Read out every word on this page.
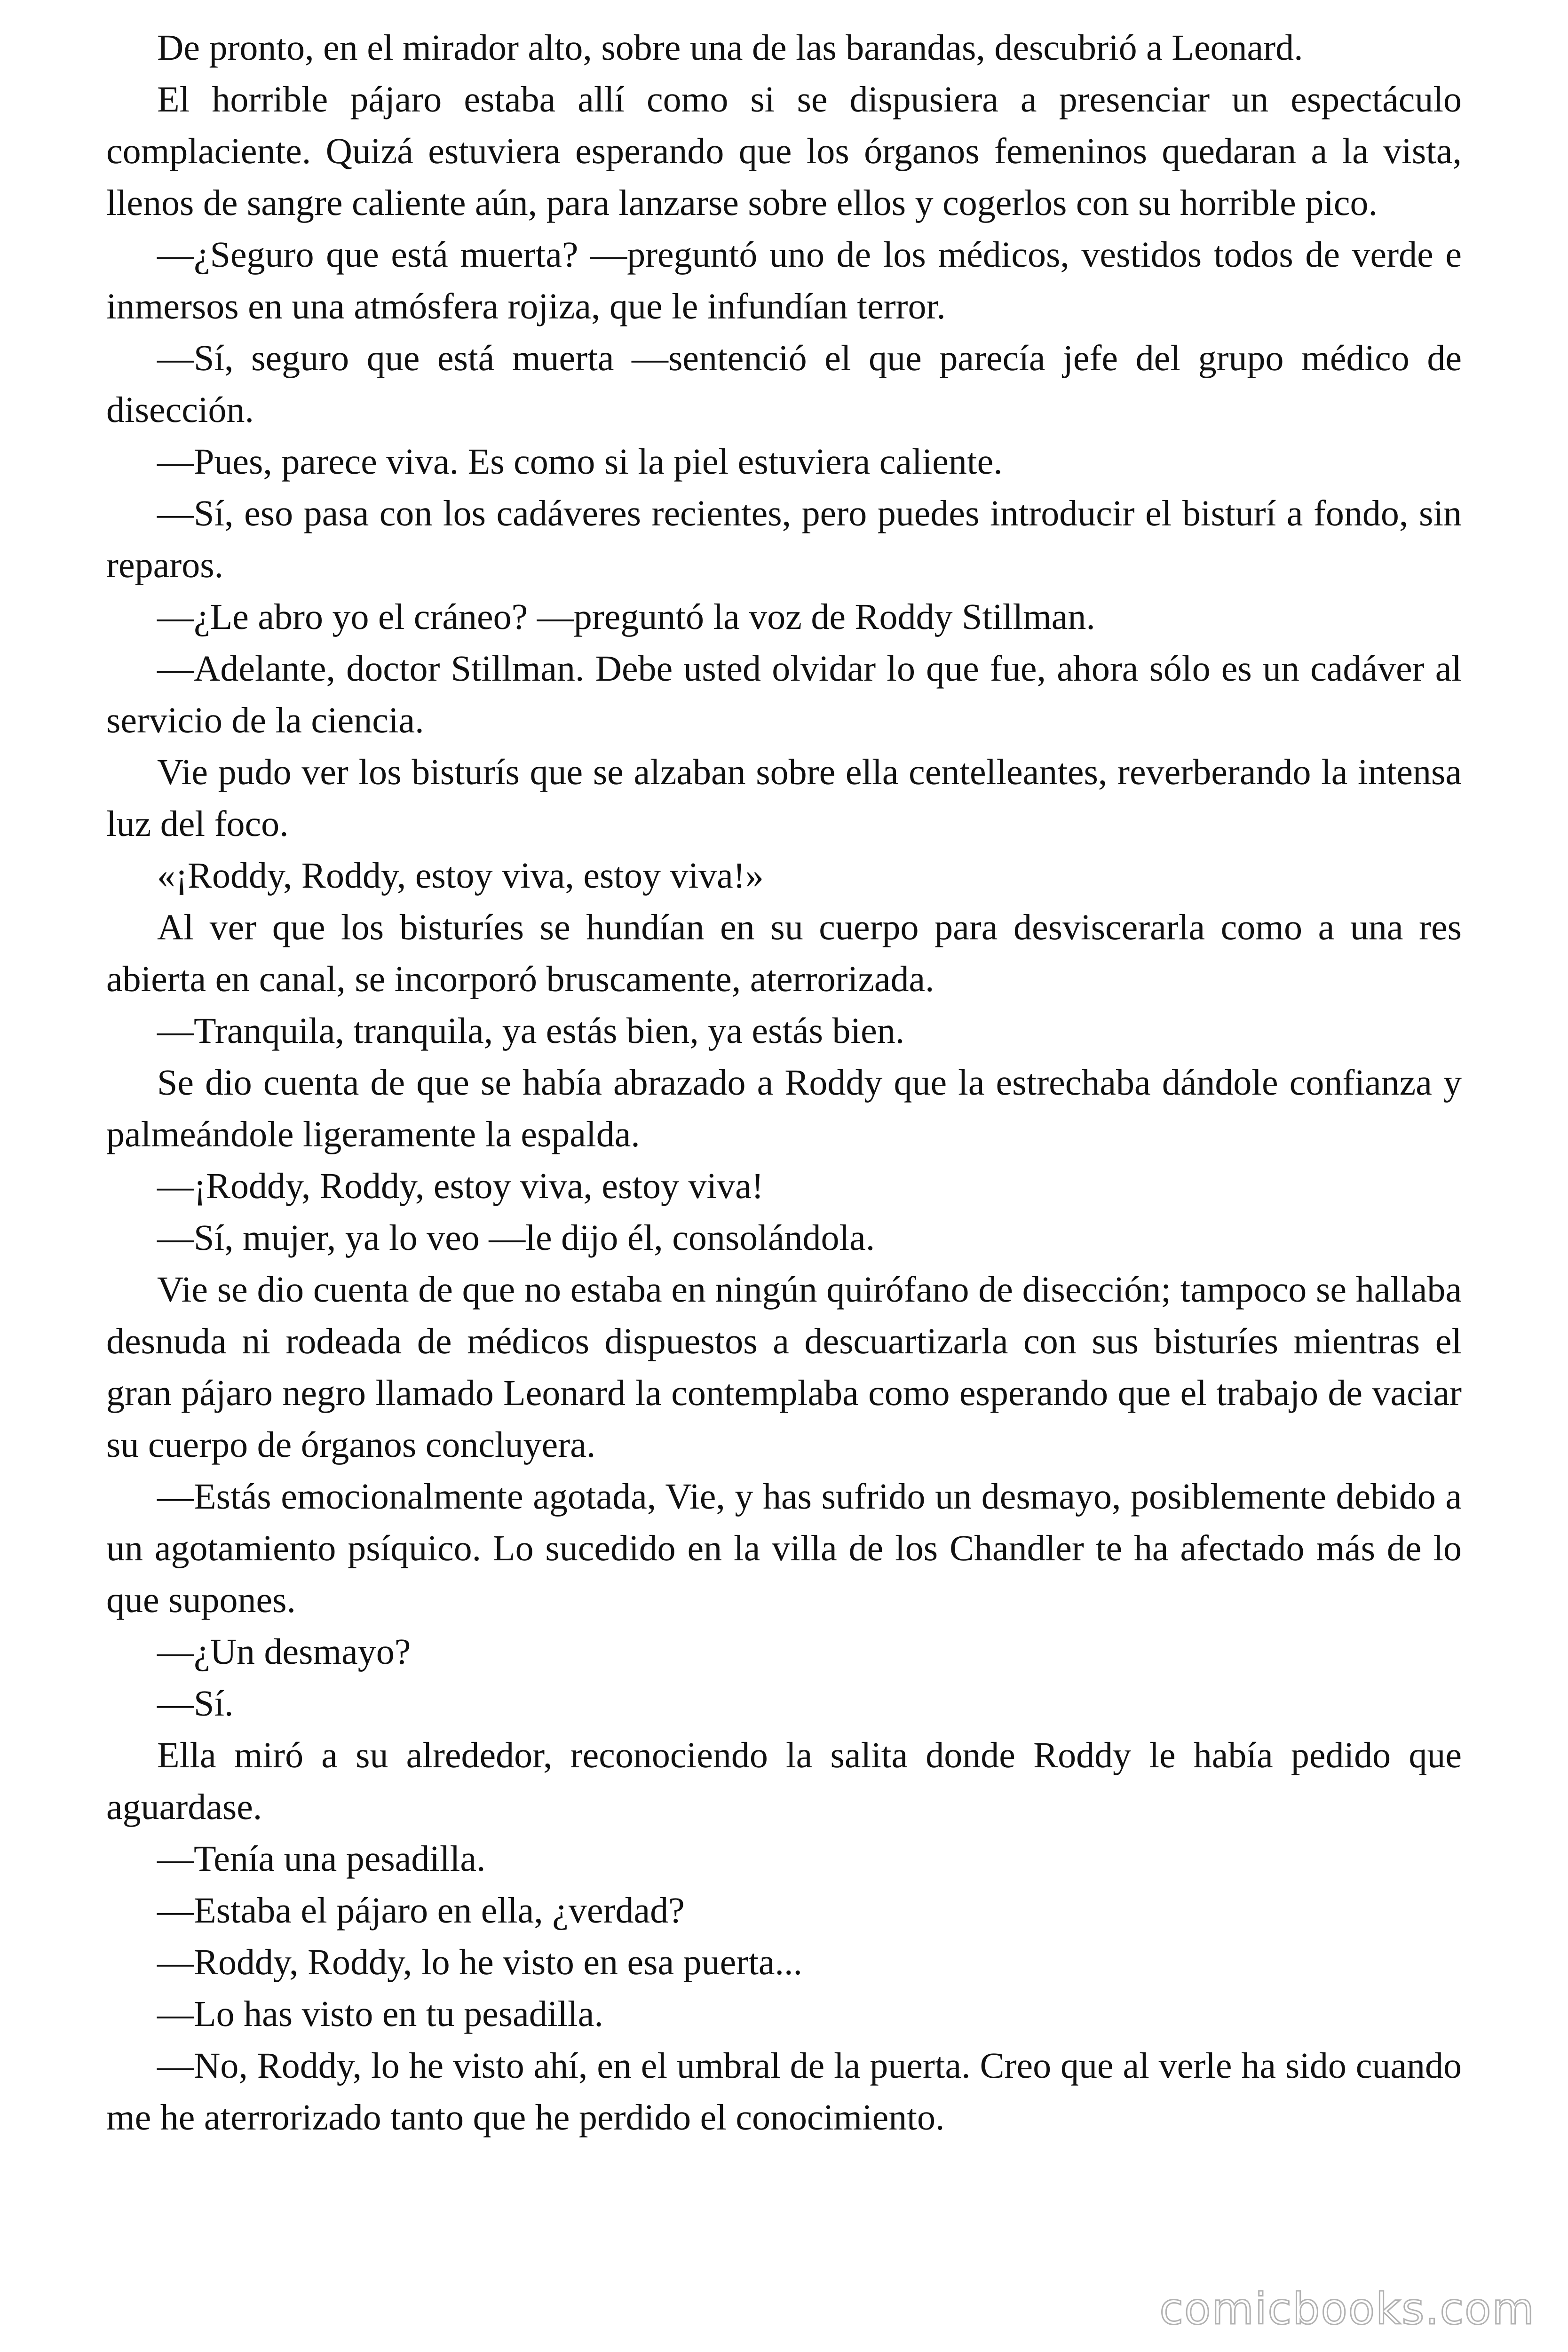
De pronto, en el mirador alto, sobre una de las barandas, descubrió a Leonard.

El horrible pájaro estaba allí como si se dispusiera a presenciar un espectáculo complaciente. Quizá estuviera esperando que los órganos femeninos quedaran a la vista, llenos de sangre caliente aún, para lanzarse sobre ellos y cogerlos con su horrible pico.

—¿Seguro que está muerta? —preguntó uno de los médicos, vestidos todos de verde e inmersos en una atmósfera rojiza, que le infundían terror.

—Sí, seguro que está muerta —sentenció el que parecía jefe del grupo médico de disección.

—Pues, parece viva. Es como si la piel estuviera caliente.

—Sí, eso pasa con los cadáveres recientes, pero puedes introducir el bisturí a fondo, sin reparos.

—¿Le abro yo el cráneo? —preguntó la voz de Roddy Stillman.

—Adelante, doctor Stillman. Debe usted olvidar lo que fue, ahora sólo es un cadáver al servicio de la ciencia.

Vie pudo ver los bisturís que se alzaban sobre ella centelleantes, reverberando la intensa luz del foco.

«¡Roddy, Roddy, estoy viva, estoy viva!»

Al ver que los bisturíes se hundían en su cuerpo para desviscerarla como a una res abierta en canal, se incorporó bruscamente, aterrorizada.

—Tranquila, tranquila, ya estás bien, ya estás bien.

Se dio cuenta de que se había abrazado a Roddy que la estrechaba dándole confianza y palmeándole ligeramente la espalda.

—¡Roddy, Roddy, estoy viva, estoy viva!

—Sí, mujer, ya lo veo —le dijo él, consolándola.

Vie se dio cuenta de que no estaba en ningún quirófano de disección; tampoco se hallaba desnuda ni rodeada de médicos dispuestos a descuartizarla con sus bisturíes mientras el gran pájaro negro llamado Leonard la contemplaba como esperando que el trabajo de vaciar su cuerpo de órganos concluyera.

—Estás emocionalmente agotada, Vie, y has sufrido un desmayo, posiblemente debido a un agotamiento psíquico. Lo sucedido en la villa de los Chandler te ha afectado más de lo que supones.

—¿Un desmayo?

—Sí.

Ella miró a su alrededor, reconociendo la salita donde Roddy le había pedido que aguardase.

—Tenía una pesadilla.

—Estaba el pájaro en ella, ¿verdad?

—Roddy, Roddy, lo he visto en esa puerta...

—Lo has visto en tu pesadilla.

—No, Roddy, lo he visto ahí, en el umbral de la puerta. Creo que al verle ha sido cuando me he aterrorizado tanto que he perdido el conocimiento.

comicbooks.com
